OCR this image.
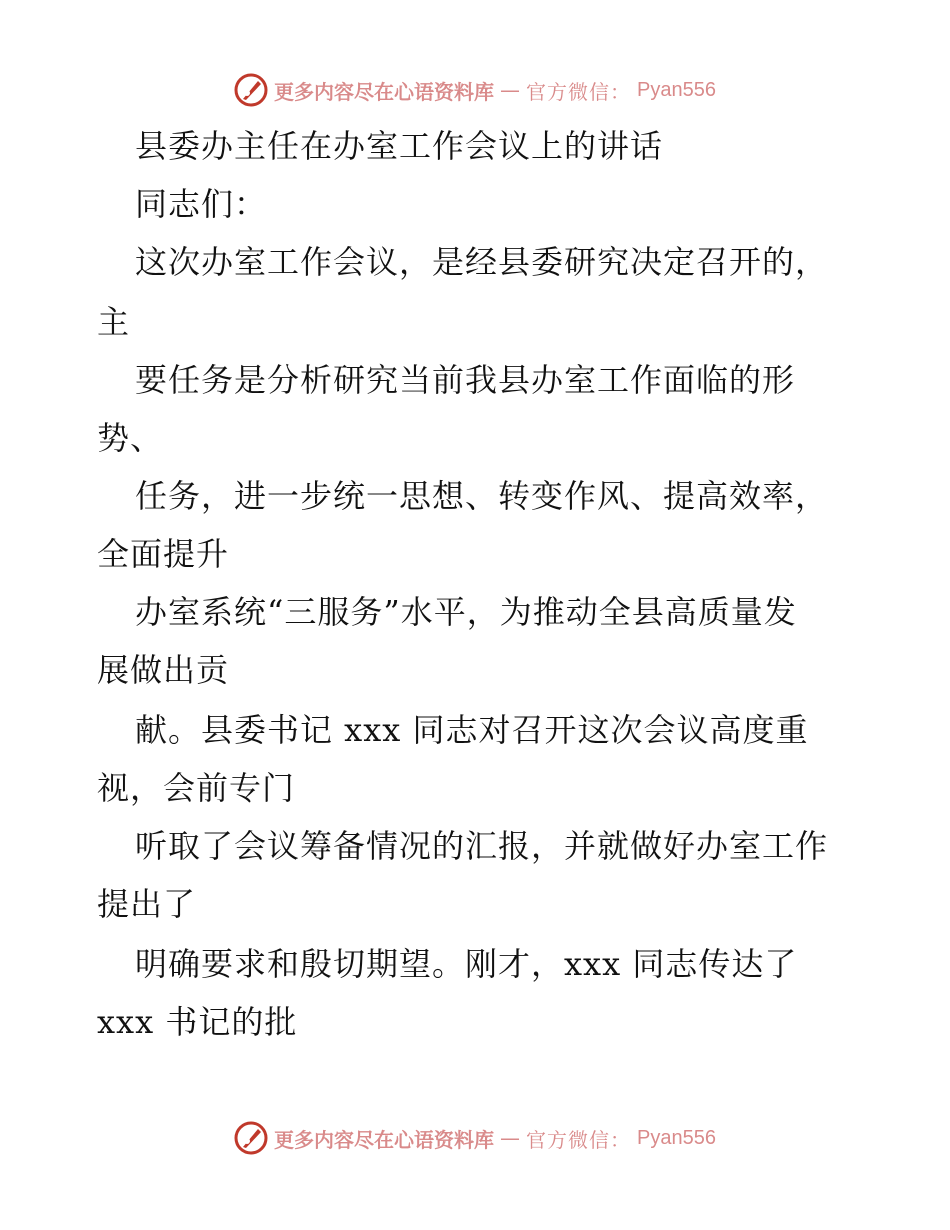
更多内容尽在心语资料库 — 官方微信： Pyan556
县委办主任在办室工作会议上的讲话
同志们：
这次办室工作会议，是经县委研究决定召开的，
主
要任务是分析研究当前我县办室工作面临的形
势、
任务，进一步统一思想、转变作风、提高效率，
全面提升
办室系统“三服务”水平，为推动全县高质量发
展做出贡
献。县委书记 xxx 同志对召开这次会议高度重
视，会前专门
听取了会议筹备情况的汇报，并就做好办室工作
提出了
明确要求和殷切期望。刚才，xxx 同志传达了
xxx 书记的批
更多内容尽在心语资料库 — 官方微信： Pyan556
